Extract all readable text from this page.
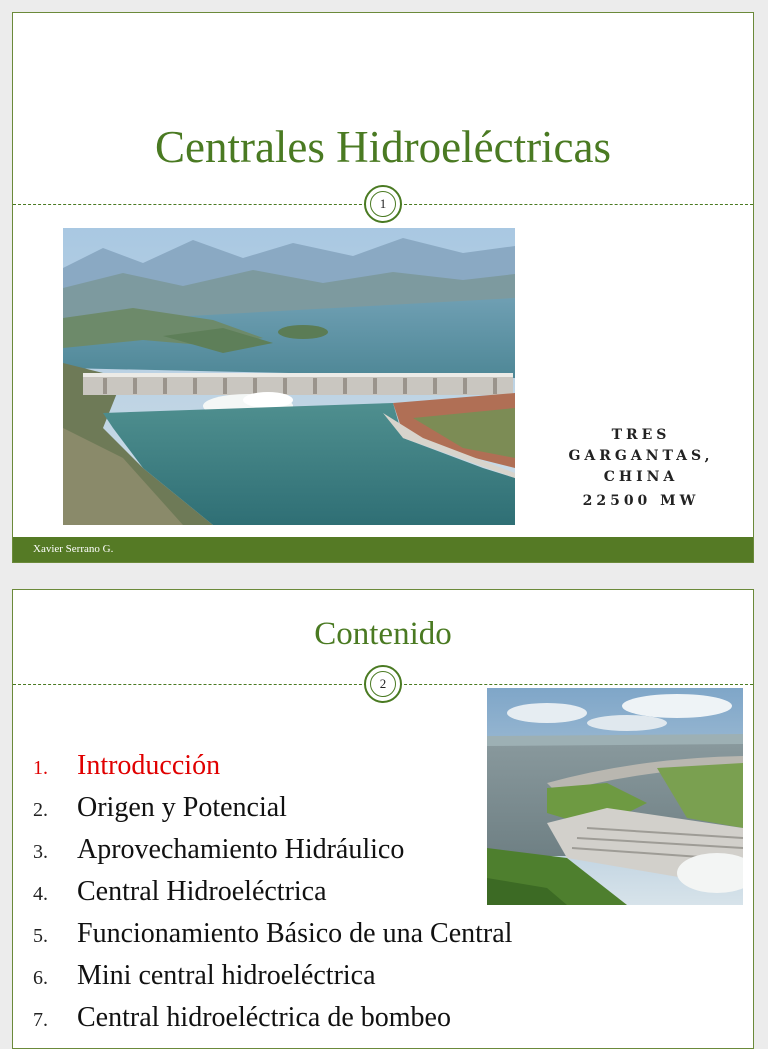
Centrales Hidroeléctricas
1
TRES
GARGANTAS,
CHINA
22500 MW
Xavier Serrano G.
Contenido
2
1.	Introducción
2.	Origen y Potencial
3.	Aprovechamiento Hidráulico
4.	Central Hidroeléctrica
5.	Funcionamiento Básico de una Central
6.	Mini central hidroeléctrica
7.	Central hidroeléctrica de bombeo
